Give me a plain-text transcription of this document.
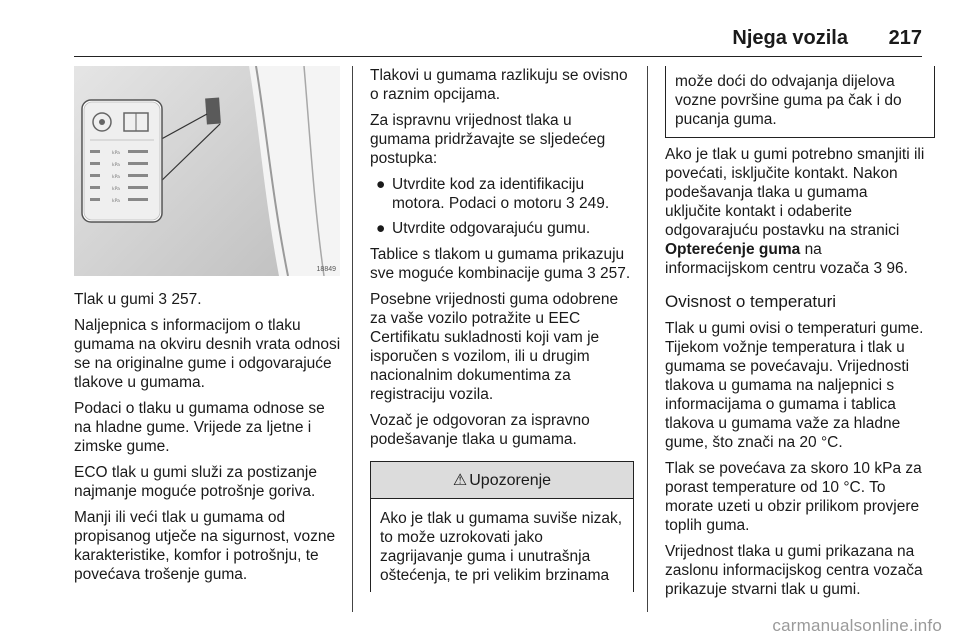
Njega vozila 217
kPa
kPa
kPa
kPa
kPa
18849

Tlak u gumi 3 257.

Naljepnica s informacijom o tlaku gumama na okviru desnih vrata odnosi se na originalne gume i odgovarajuće tlakove u gumama.

Podaci o tlaku u gumama odnose se na hladne gume. Vrijede za ljetne i zimske gume.

ECO tlak u gumi služi za postizanje najmanje moguće potrošnje goriva.

Manji ili veći tlak u gumama od propisanog utječe na sigurnost, vozne karakteristike, komfor i potrošnju, te povećava trošenje guma.

Tlakovi u gumama razlikuju se ovisno o raznim opcijama.

Za ispravnu vrijednost tlaka u gumama pridržavajte se sljedećeg postupka:

● Utvrdite kod za identifikaciju motora. Podaci o motoru 3 249.
● Utvrdite odgovarajuću gumu.

Tablice s tlakom u gumama prikazuju sve moguće kombinacije guma 3 257.

Posebne vrijednosti guma odobrene za vaše vozilo potražite u EEC Certifikatu sukladnosti koji vam je isporučen s vozilom, ili u drugim nacionalnim dokumentima za registraciju vozila.

Vozač je odgovoran za ispravno podešavanje tlaka u gumama.

⚠ Upozorenje
Ako je tlak u gumama suviše nizak, to može uzrokovati jako zagrijavanje guma i unutrašnja oštećenja, te pri velikim brzinama
može doći do odvajanja dijelova vozne površine guma pa čak i do pucanja guma.

Ako je tlak u gumi potrebno smanjiti ili povećati, isključite kontakt. Nakon podešavanja tlaka u gumama uključite kontakt i odaberite odgovarajuću postavku na stranici Opterećenje guma na informacijskom centru vozača 3 96.

Ovisnost o temperaturi

Tlak u gumi ovisi o temperaturi gume. Tijekom vožnje temperatura i tlak u gumama se povećavaju. Vrijednosti tlakova u gumama na naljepnici s informacijama o gumama i tablica tlakova u gumama važe za hladne gume, što znači na 20 °C.

Tlak se povećava za skoro 10 kPa za porast temperature od 10 °C. To morate uzeti u obzir prilikom provjere toplih guma.

Vrijednost tlaka u gumi prikazana na zaslonu informacijskog centra vozača prikazuje stvarni tlak u gumi.

carmanualsonline.info
